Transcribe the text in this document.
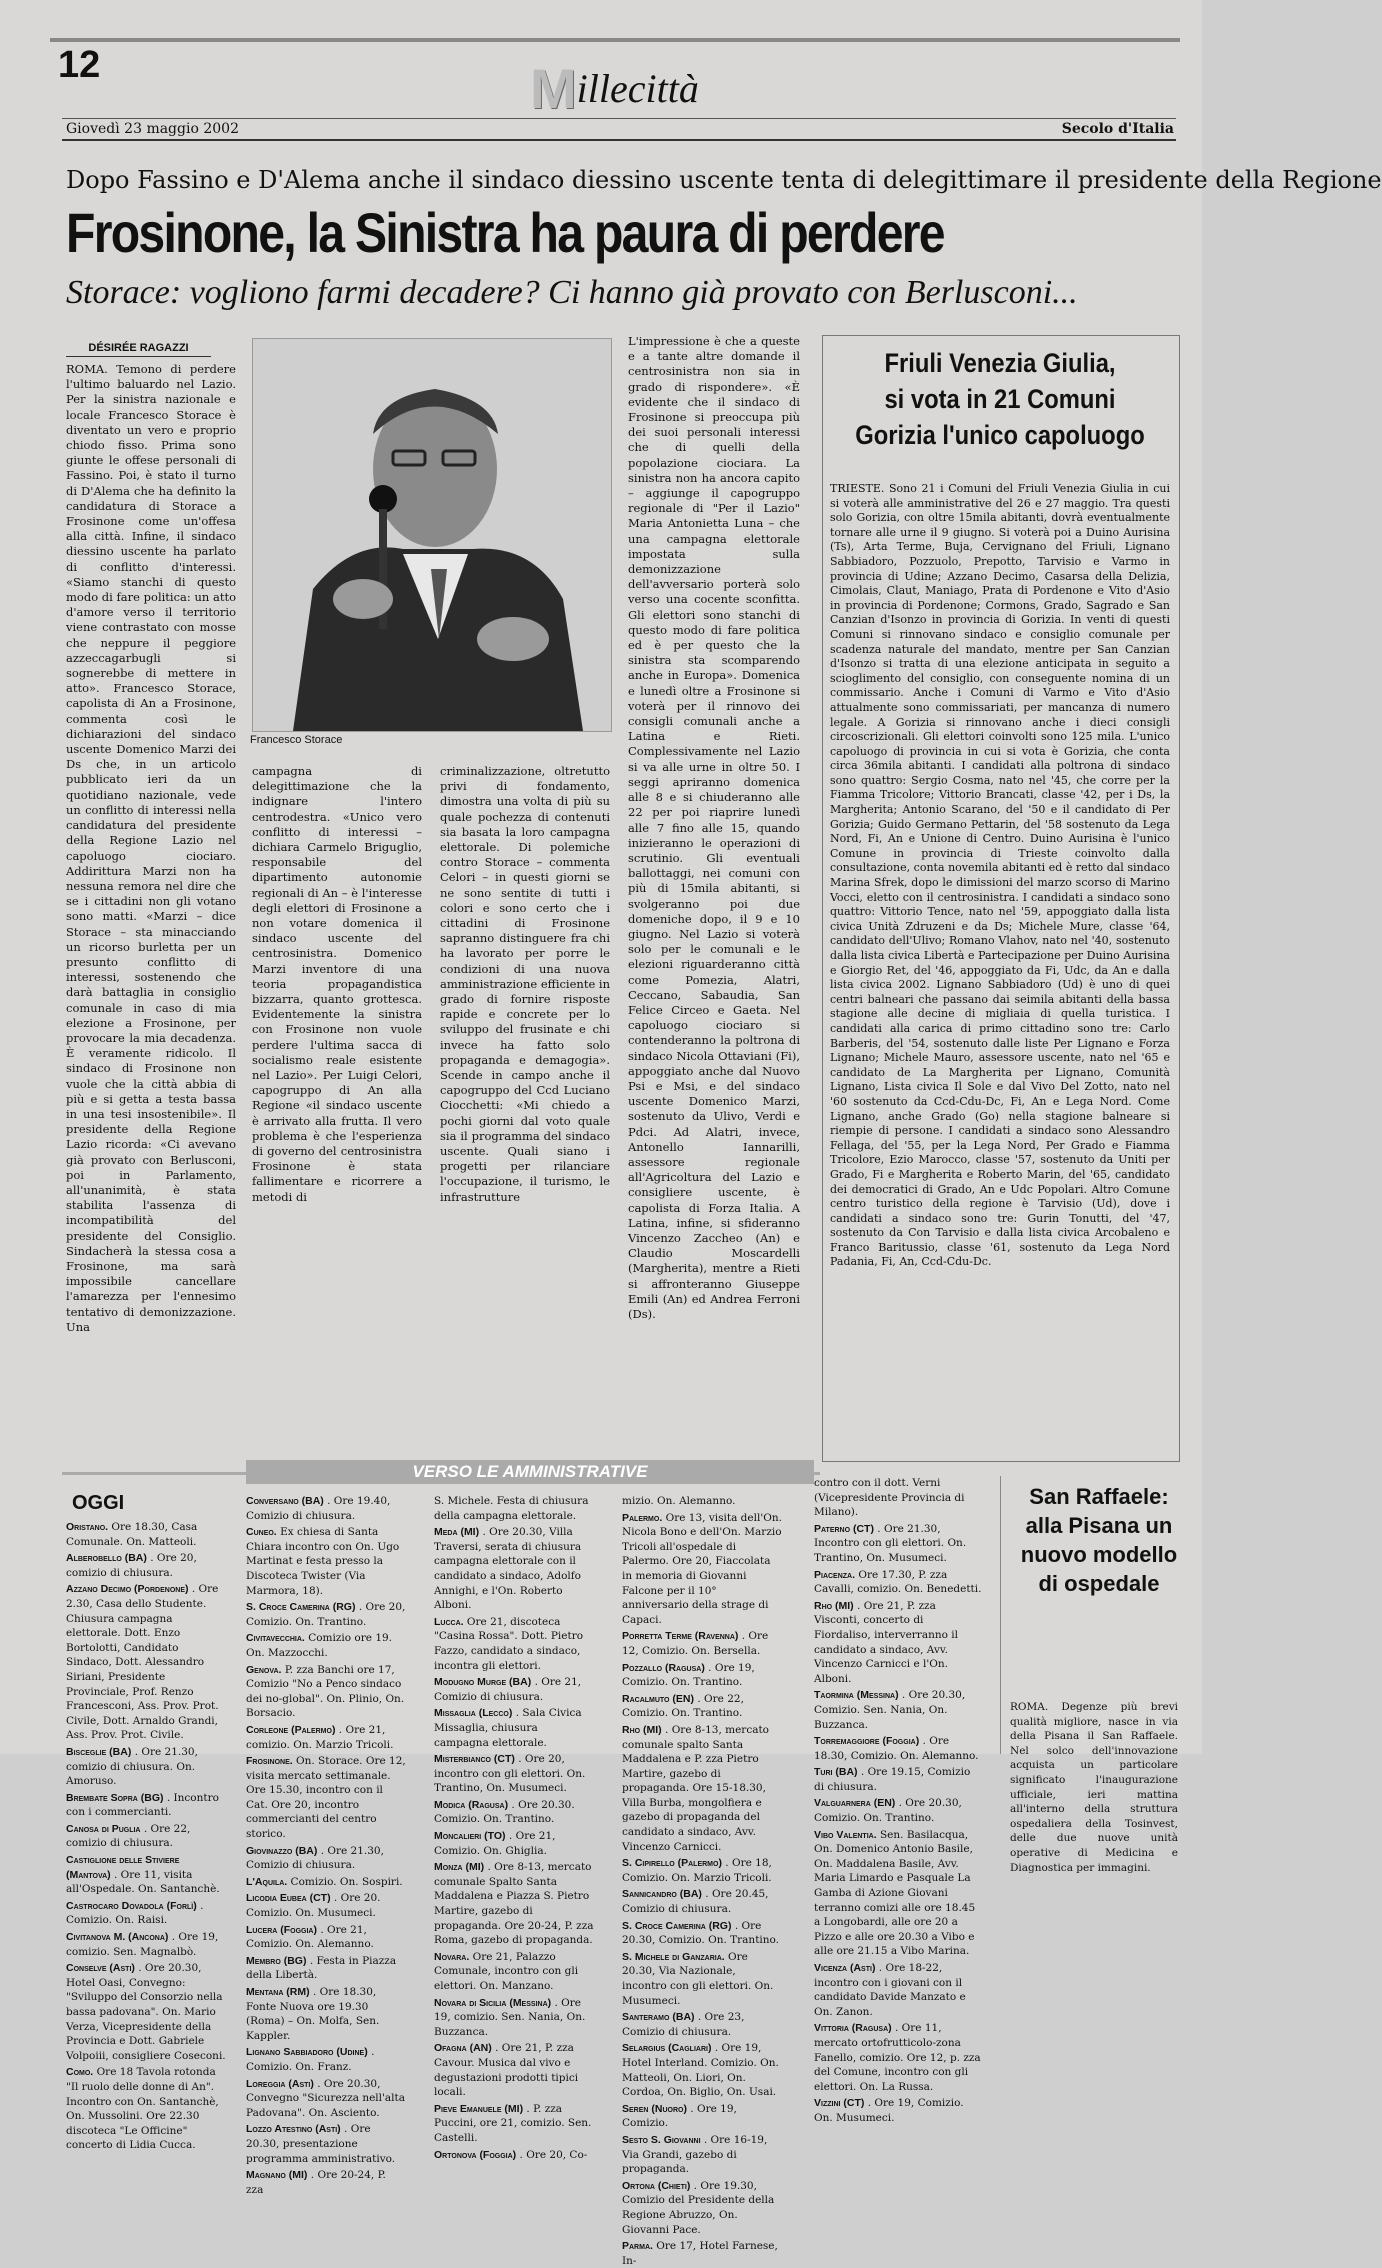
12	Millecittà
Giovedì 23 maggio 2002	Secolo d'Italia
Dopo Fassino e D'Alema anche il sindaco diessino uscente tenta di delegittimare il presidente della Regione
Frosinone, la Sinistra ha paura di perdere
Storace: vogliono farmi decadere? Ci hanno già provato con Berlusconi...
DÉSIRÉE RAGAZZI
ROMA. Temono di perdere l'ultimo baluardo nel Lazio. Per la sinistra nazionale e locale Francesco Storace è diventato un vero e proprio chiodo fisso. Prima sono giunte le offese personali di Fassino. Poi, è stato il turno di D'Alema che ha definito la candidatura di Storace a Frosinone come un'offesa alla città. Infine, il sindaco diessino uscente ha parlato di conflitto d'interessi. «Siamo stanchi di questo modo di fare politica: un atto d'amore verso il territorio viene contrastato con mosse che neppure il peggiore azzeccagarbugli si sognerebbe di mettere in atto». Francesco Storace, capolista di An a Frosinone, commenta così le dichiarazioni del sindaco uscente Domenico Marzi dei Ds che, in un articolo pubblicato ieri da un quotidiano nazionale, vede un conflitto di interessi nella candidatura del presidente della Regione Lazio nel capoluogo ciociaro. Addirittura Marzi non ha nessuna remora nel dire che se i cittadini non gli votano sono matti. «Marzi – dice Storace – sta minacciando un ricorso burletta per un presunto conflitto di interessi, sostenendo che darà battaglia in consiglio comunale in caso di mia elezione a Frosinone, per provocare la mia decadenza. È veramente ridicolo. Il sindaco di Frosinone non vuole che la città abbia di più e si getta a testa bassa in una tesi insostenibile». Il presidente della Regione Lazio ricorda: «Ci avevano già provato con Berlusconi, poi in Parlamento, all'unanimità, è stata stabilita l'assenza di incompatibilità del presidente del Consiglio. Sindacherà la stessa cosa a Frosinone, ma sarà impossibile cancellare l'amarezza per l'ennesimo tentativo di demonizzazione. Una
Francesco Storace
campagna di delegittimazione che la indignare l'intero centrodestra. «Unico vero conflitto di interessi – dichiara Carmelo Briguglio, responsabile del dipartimento autonomie regionali di An – è l'interesse degli elettori di Frosinone a non votare domenica il sindaco uscente del centrosinistra. Domenico Marzi inventore di una teoria propagandistica bizzarra, quanto grottesca. Evidentemente la sinistra con Frosinone non vuole perdere l'ultima sacca di socialismo reale esistente nel Lazio». Per Luigi Celori, capogruppo di An alla Regione «il sindaco uscente è arrivato alla frutta. Il vero problema è che l'esperienza di governo del centrosinistra Frosinone è stata fallimentare e ricorrere a metodi di
criminalizzazione, oltretutto privi di fondamento, dimostra una volta di più su quale pochezza di contenuti sia basata la loro campagna elettorale. Di polemiche contro Storace – commenta Celori – in questi giorni se ne sono sentite di tutti i colori e sono certo che i cittadini di Frosinone sapranno distinguere fra chi ha lavorato per porre le condizioni di una nuova amministrazione efficiente in grado di fornire risposte rapide e concrete per lo sviluppo del frusinate e chi invece ha fatto solo propaganda e demagogia». Scende in campo anche il capogruppo del Ccd Luciano Ciocchetti: «Mi chiedo a pochi giorni dal voto quale sia il programma del sindaco uscente. Quali siano i progetti per rilanciare l'occupazione, il turismo, le infrastrutture
L'impressione è che a queste e a tante altre domande il centrosinistra non sia in grado di rispondere». «È evidente che il sindaco di Frosinone si preoccupa più dei suoi personali interessi che di quelli della popolazione ciociara. La sinistra non ha ancora capito – aggiunge il capogruppo regionale di "Per il Lazio" Maria Antonietta Luna – che una campagna elettorale impostata sulla demonizzazione dell'avversario porterà solo verso una cocente sconfitta. Gli elettori sono stanchi di questo modo di fare politica ed è per questo che la sinistra sta scomparendo anche in Europa». Domenica e lunedì oltre a Frosinone si voterà per il rinnovo dei consigli comunali anche a Latina e Rieti. Complessivamente nel Lazio si va alle urne in oltre 50. I seggi apriranno domenica alle 8 e si chiuderanno alle 22 per poi riaprire lunedì alle 7 fino alle 15, quando inizieranno le operazioni di scrutinio. Gli eventuali ballottaggi, nei comuni con più di 15mila abitanti, si svolgeranno poi due domeniche dopo, il 9 e 10 giugno. Nel Lazio si voterà solo per le comunali e le elezioni riguarderanno città come Pomezia, Alatri, Ceccano, Sabaudia, San Felice Circeo e Gaeta. Nel capoluogo ciociaro si contenderanno la poltrona di sindaco Nicola Ottaviani (Fi), appoggiato anche dal Nuovo Psi e Msi, e del sindaco uscente Domenico Marzi, sostenuto da Ulivo, Verdi e Pdci. Ad Alatri, invece, Antonello Iannarilli, assessore regionale all'Agricoltura del Lazio e consigliere uscente, è capolista di Forza Italia. A Latina, infine, si sfideranno Vincenzo Zaccheo (An) e Claudio Moscardelli (Margherita), mentre a Rieti si affronteranno Giuseppe Emili (An) ed Andrea Ferroni (Ds).
Friuli Venezia Giulia,
si vota in 21 Comuni
Gorizia l'unico capoluogo
TRIESTE. Sono 21 i Comuni del Friuli Venezia Giulia in cui si voterà alle amministrative del 26 e 27 maggio. Tra questi solo Gorizia, con oltre 15mila abitanti, dovrà eventualmente tornare alle urne il 9 giugno. Si voterà poi a Duino Aurisina (Ts), Arta Terme, Buja, Cervignano del Friuli, Lignano Sabbiadoro, Pozzuolo, Prepotto, Tarvisio e Varmo in provincia di Udine; Azzano Decimo, Casarsa della Delizia, Cimolais, Claut, Maniago, Prata di Pordenone e Vito d'Asio in provincia di Pordenone; Cormons, Grado, Sagrado e San Canzian d'Isonzo in provincia di Gorizia. In venti di questi Comuni si rinnovano sindaco e consiglio comunale per scadenza naturale del mandato, mentre per San Canzian d'Isonzo si tratta di una elezione anticipata in seguito a scioglimento del consiglio, con conseguente nomina di un commissario. Anche i Comuni di Varmo e Vito d'Asio attualmente sono commissariati, per mancanza di numero legale. A Gorizia si rinnovano anche i dieci consigli circoscrizionali. Gli elettori coinvolti sono 125 mila. L'unico capoluogo di provincia in cui si vota è Gorizia, che conta circa 36mila abitanti. I candidati alla poltrona di sindaco sono quattro: Sergio Cosma, nato nel '45, che corre per la Fiamma Tricolore; Vittorio Brancati, classe '42, per i Ds, la Margherita; Antonio Scarano, del '50 e il candidato di Per Gorizia; Guido Germano Pettarin, del '58 sostenuto da Lega Nord, Fi, An e Unione di Centro. Duino Aurisina è l'unico Comune in provincia di Trieste coinvolto dalla consultazione, conta novemila abitanti ed è retto dal sindaco Marina Sfrek, dopo le dimissioni del marzo scorso di Marino Vocci, eletto con il centrosinistra. I candidati a sindaco sono quattro: Vittorio Tence, nato nel '59, appoggiato dalla lista civica Unità Zdruzeni e da Ds; Michele Mure, classe '64, candidato dell'Ulivo; Romano Vlahov, nato nel '40, sostenuto dalla lista civica Libertà e Partecipazione per Duino Aurisina e Giorgio Ret, del '46, appoggiato da Fi, Udc, da An e dalla lista civica 2002. Lignano Sabbiadoro (Ud) è uno di quei centri balneari che passano dai seimila abitanti della bassa stagione alle decine di migliaia di quella turistica. I candidati alla carica di primo cittadino sono tre: Carlo Barberis, del '54, sostenuto dalle liste Per Lignano e Forza Lignano; Michele Mauro, assessore uscente, nato nel '65 e candidato de La Margherita per Lignano, Comunità Lignano, Lista civica Il Sole e dal Vivo Del Zotto, nato nel '60 sostenuto da Ccd-Cdu-Dc, Fi, An e Lega Nord. Come Lignano, anche Grado (Go) nella stagione balneare si riempie di persone. I candidati a sindaco sono Alessandro Fellaga, del '55, per la Lega Nord, Per Grado e Fiamma Tricolore, Ezio Marocco, classe '57, sostenuto da Uniti per Grado, Fi e Margherita e Roberto Marin, del '65, candidato dei democratici di Grado, An e Udc Popolari. Altro Comune centro turistico della regione è Tarvisio (Ud), dove i candidati a sindaco sono tre: Gurin Tonutti, del '47, sostenuto da Con Tarvisio e dalla lista civica Arcobaleno e Franco Baritussio, classe '61, sostenuto da Lega Nord Padania, Fi, An, Ccd-Cdu-Dc.
VERSO LE AMMINISTRATIVE
OGGI
Oristano. Ore 18.30, Casa Comunale. On. Matteoli.
Alberobello (BA) . Ore 20, comizio di chiusura.
Azzano Decimo (Pordenone) . Ore 2.30, Casa dello Studente. Chiusura campagna elettorale. Dott. Enzo Bortolotti, Candidato Sindaco, Dott. Alessandro Siriani, Presidente Provinciale, Prof. Renzo Francesconi, Ass. Prov. Prot. Civile, Dott. Arnaldo Grandi, Ass. Prov. Prot. Civile.
Bisceglie (BA) . Ore 21.30, comizio di chiusura. On. Amoruso.
Brembate Sopra (BG) . Incontro con i commercianti.
Canosa di Puglia . Ore 22, comizio di chiusura.
Castiglione delle Stiviere (Mantova) . Ore 11, visita all'Ospedale. On. Santanchè.
Castrocaro Dovadola (Forlì) . Comizio. On. Raisi.
Civitanova M. (Ancona) . Ore 19, comizio. Sen. Magnalbò.
Conselve (Asti) . Ore 20.30, Hotel Oasi, Convegno: "Sviluppo del Consorzio nella bassa padovana". On. Mario Verza, Vicepresidente della Provincia e Dott. Gabriele Volpoiii, consigliere Coseconi.
Como. Ore 18 Tavola rotonda "Il ruolo delle donne di An". Incontro con On. Santanchè, On. Mussolini. Ore 22.30 discoteca "Le Officine" concerto di Lidia Cucca.
Conversano (BA) . Ore 19.40, Comizio di chiusura.
Cuneo. Ex chiesa di Santa Chiara incontro con On. Ugo Martinat e festa presso la Discoteca Twister (Via Marmora, 18).
S. Croce Camerina (RG) . Ore 20, Comizio. On. Trantino.
Civitavecchia. Comizio ore 19. On. Mazzocchi.
Genova. P. zza Banchi ore 17, Comizio "No a Penco sindaco dei no-global". On. Plinio, On. Borsacio.
Corleone (Palermo) . Ore 21, comizio. On. Marzio Tricoli.
Frosinone. On. Storace. Ore 12, visita mercato settimanale. Ore 15.30, incontro con il Cat. Ore 20, incontro commercianti del centro storico.
Giovinazzo (BA) . Ore 21.30, Comizio di chiusura.
L'Aquila. Comizio. On. Sospiri.
Licodia Eubea (CT) . Ore 20. Comizio. On. Musumeci.
Lucera (Foggia) . Ore 21, Comizio. On. Alemanno.
Membro (BG) . Festa in Piazza della Libertà.
Mentana (RM) . Ore 18.30, Fonte Nuova ore 19.30 (Roma) – On. Molfa, Sen. Kappler.
Lignano Sabbiadoro (Udine) . Comizio. On. Franz.
Loreggia (Asti) . Ore 20.30, Convegno "Sicurezza nell'alta Padovana". On. Asciento.
Lozzo Atestino (Asti) . Ore 20.30, presentazione programma amministrativo.
Magnano (MI) . Ore 20-24, P. zza
S. Michele. Festa di chiusura della campagna elettorale.
Meda (MI) . Ore 20.30, Villa Traversi, serata di chiusura campagna elettorale con il candidato a sindaco, Adolfo Annighi, e l'On. Roberto Alboni.
Lucca. Ore 21, discoteca "Casina Rossa". Dott. Pietro Fazzo, candidato a sindaco, incontra gli elettori.
Modugno Murge (BA) . Ore 21, Comizio di chiusura.
Missaglia (Lecco) . Sala Civica Missaglia, chiusura campagna elettorale.
Misterbianco (CT) . Ore 20, incontro con gli elettori. On. Trantino, On. Musumeci.
Modica (Ragusa) . Ore 20.30. Comizio. On. Trantino.
Moncalieri (TO) . Ore 21, Comizio. On. Ghiglia.
Monza (MI) . Ore 8-13, mercato comunale Spalto Santa Maddalena e Piazza S. Pietro Martire, gazebo di propaganda. Ore 20-24, P. zza Roma, gazebo di propaganda.
Novara. Ore 21, Palazzo Comunale, incontro con gli elettori. On. Manzano.
Novara di Sicilia (Messina) . Ore 19, comizio. Sen. Nania, On. Buzzanca.
Ofagna (AN) . Ore 21, P. zza Cavour. Musica dal vivo e degustazioni prodotti tipici locali.
Pieve Emanuele (MI) . P. zza Puccini, ore 21, comizio. Sen. Castelli.
Ortonova (Foggia) . Ore 20, Co-
mizio. On. Alemanno.
Palermo. Ore 13, visita dell'On. Nicola Bono e dell'On. Marzio Tricoli all'ospedale di Palermo. Ore 20, Fiaccolata in memoria di Giovanni Falcone per il 10° anniversario della strage di Capaci.
Porretta Terme (Ravenna) . Ore 12, Comizio. On. Bersella.
Pozzallo (Ragusa) . Ore 19, Comizio. On. Trantino.
Racalmuto (EN) . Ore 22, Comizio. On. Trantino.
Rho (MI) . Ore 8-13, mercato comunale spalto Santa Maddalena e P. zza Pietro Martire, gazebo di propaganda. Ore 15-18.30, Villa Burba, mongolfiera e gazebo di propaganda del candidato a sindaco, Avv. Vincenzo Carnicci.
S. Cipirello (Palermo) . Ore 18, Comizio. On. Marzio Tricoli.
Sannicandro (BA) . Ore 20.45, Comizio di chiusura.
S. Croce Camerina (RG) . Ore 20.30, Comizio. On. Trantino.
S. Michele di Ganzaria. Ore 20.30, Via Nazionale, incontro con gli elettori. On. Musumeci.
Santeramo (BA) . Ore 23, Comizio di chiusura.
Selargius (Cagliari) . Ore 19, Hotel Interland. Comizio. On. Matteoli, On. Liori, On. Cordoa, On. Biglio, On. Usai.
Seren (Nuoro) . Ore 19, Comizio.
Sesto S. Giovanni . Ore 16-19, Via Grandi, gazebo di propaganda.
Ortona (Chieti) . Ore 19.30, Comizio del Presidente della Regione Abruzzo, On. Giovanni Pace.
Parma. Ore 17, Hotel Farnese, In-
contro con il dott. Verni (Vicepresidente Provincia di Milano).
Paterno (CT) . Ore 21.30, Incontro con gli elettori. On. Trantino, On. Musumeci.
Piacenza. Ore 17.30, P. zza Cavalli, comizio. On. Benedetti.
Rho (MI) . Ore 21, P. zza Visconti, concerto di Fiordaliso, interverranno il candidato a sindaco, Avv. Vincenzo Carnicci e l'On. Alboni.
Taormina (Messina) . Ore 20.30, Comizio. Sen. Nania, On. Buzzanca.
Torremaggiore (Foggia) . Ore 18.30, Comizio. On. Alemanno.
Turi (BA) . Ore 19.15, Comizio di chiusura.
Valguarnera (EN) . Ore 20.30, Comizio. On. Trantino.
Vibo Valentia. Sen. Basilacqua, On. Domenico Antonio Basile, On. Maddalena Basile, Avv. Maria Limardo e Pasquale La Gamba di Azione Giovani terranno comizi alle ore 18.45 a Longobardi, alle ore 20 a Pizzo e alle ore 20.30 a Vibo e alle ore 21.15 a Vibo Marina.
Vicenza (Asti) . Ore 18-22, incontro con i giovani con il candidato Davide Manzato e On. Zanon.
Vittoria (Ragusa) . Ore 11, mercato ortofrutticolo-zona Fanello, comizio. Ore 12, p. zza del Comune, incontro con gli elettori. On. La Russa.
Vizzini (CT) . Ore 19, Comizio. On. Musumeci.
San Raffaele: alla Pisana un nuovo modello di ospedale
ROMA. Degenze più brevi qualità migliore, nasce in via della Pisana il San Raffaele. Nel solco dell'innovazione acquista un particolare significato l'inaugurazione ufficiale, ieri mattina all'interno della struttura ospedaliera della Tosinvest, delle due nuove unità operative di Medicina e Diagnostica per immagini.
